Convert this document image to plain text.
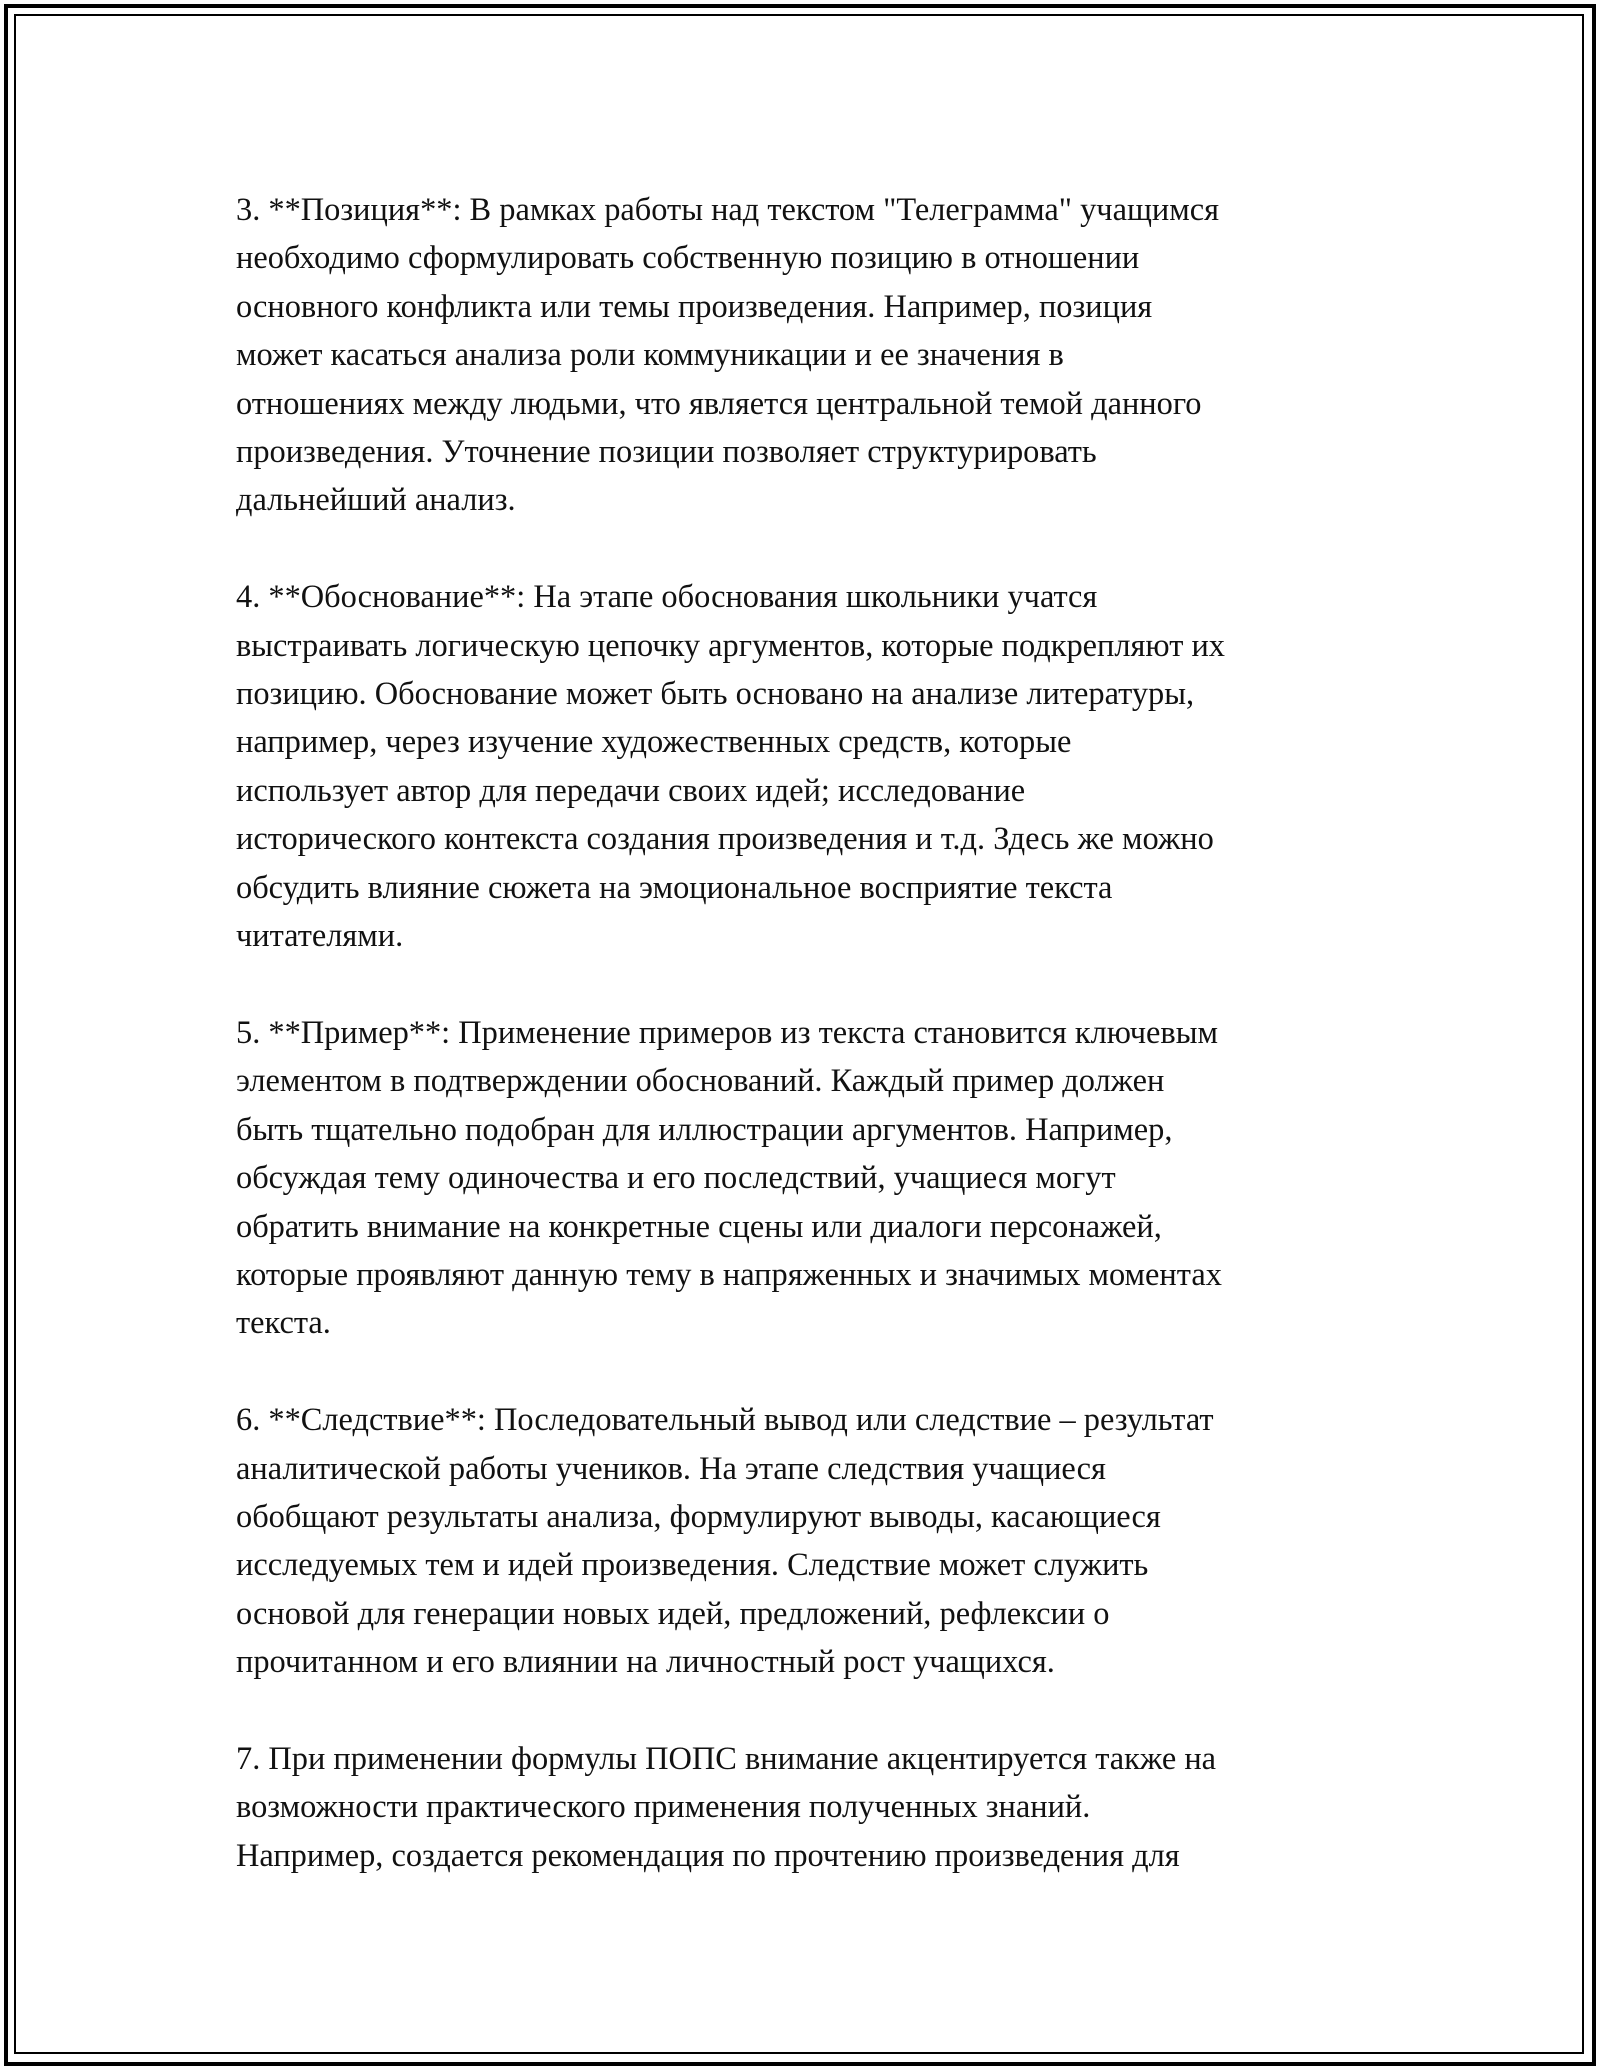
3. **Позиция**: В рамках работы над текстом "Телеграмма" учащимся
необходимо сформулировать собственную позицию в отношении
основного конфликта или темы произведения. Например, позиция
может касаться анализа роли коммуникации и ее значения в
отношениях между людьми, что является центральной темой данного
произведения. Уточнение позиции позволяет структурировать
дальнейший анализ.

4. **Обоснование**: На этапе обоснования школьники учатся
выстраивать логическую цепочку аргументов, которые подкрепляют их
позицию. Обоснование может быть основано на анализе литературы,
например, через изучение художественных средств, которые
использует автор для передачи своих идей; исследование
исторического контекста создания произведения и т.д. Здесь же можно
обсудить влияние сюжета на эмоциональное восприятие текста
читателями.

5. **Пример**: Применение примеров из текста становится ключевым
элементом в подтверждении обоснований. Каждый пример должен
быть тщательно подобран для иллюстрации аргументов. Например,
обсуждая тему одиночества и его последствий, учащиеся могут
обратить внимание на конкретные сцены или диалоги персонажей,
которые проявляют данную тему в напряженных и значимых моментах
текста.

6. **Следствие**: Последовательный вывод или следствие – результат
аналитической работы учеников. На этапе следствия учащиеся
обобщают результаты анализа, формулируют выводы, касающиеся
исследуемых тем и идей произведения. Следствие может служить
основой для генерации новых идей, предложений, рефлексии о
прочитанном и его влиянии на личностный рост учащихся.

7. При применении формулы ПОПС внимание акцентируется также на
возможности практического применения полученных знаний.
Например, создается рекомендация по прочтению произведения для
